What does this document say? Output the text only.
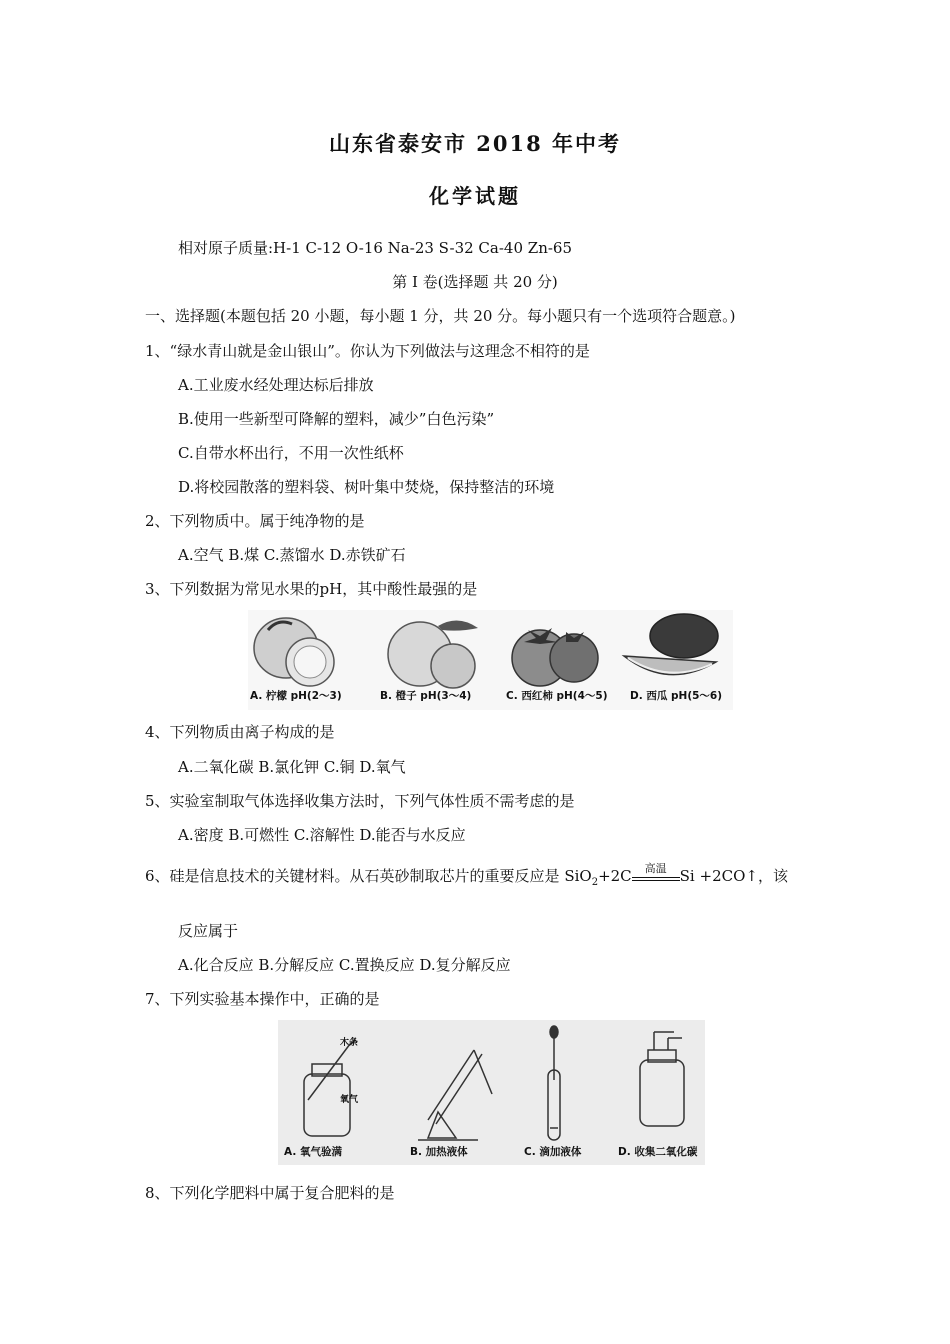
山东省泰安市 2018 年中考
化学试题
相对原子质量:H-1 C-12 O-16 Na-23 S-32 Ca-40 Zn-65
第 I 卷(选择题 共 20 分)
一、选择题(本题包括 20 小题，每小题 1 分，共 20 分。每小题只有一个选项符合题意。)
1、“绿水青山就是金山银山”。你认为下列做法与这理念不相符的是
A.工业废水经处理达标后排放
B.使用一些新型可降解的塑料，减少”白色污染”
C.自带水杯出行，不用一次性纸杯
D.将校园散落的塑料袋、树叶集中焚烧，保持整洁的环境
2、下列物质中。属于纯净物的是
A.空气 B.煤 C.蒸馏水 D.赤铁矿石
3、下列数据为常见水果的pH，其中酸性最强的是
A. 柠檬 pH(2～3)	B. 橙子 pH(3～4)	C. 西红柿 pH(4～5) D. 西瓜 pH(5～6)
4、下列物质由离子构成的是
A.二氧化碳 B.氯化钾 C.铜 D.氧气
5、实验室制取气体选择收集方法时，下列气体性质不需考虑的是
A.密度 B.可燃性 C.溶解性 D.能否与水反应
6、硅是信息技术的关键材料。从石英砂制取芯片的重要反应是 SiO$_2$+2C	高温 Si +2CO↑，该
反应属于
A.化合反应 B.分解反应 C.置换反应 D.复分解反应
7、下列实验基本操作中，正确的是
木条
氧气
A. 氧气验满	B. 加热液体	C. 滴加液体	D. 收集二氧化碳
8、下列化学肥料中属于复合肥料的是
